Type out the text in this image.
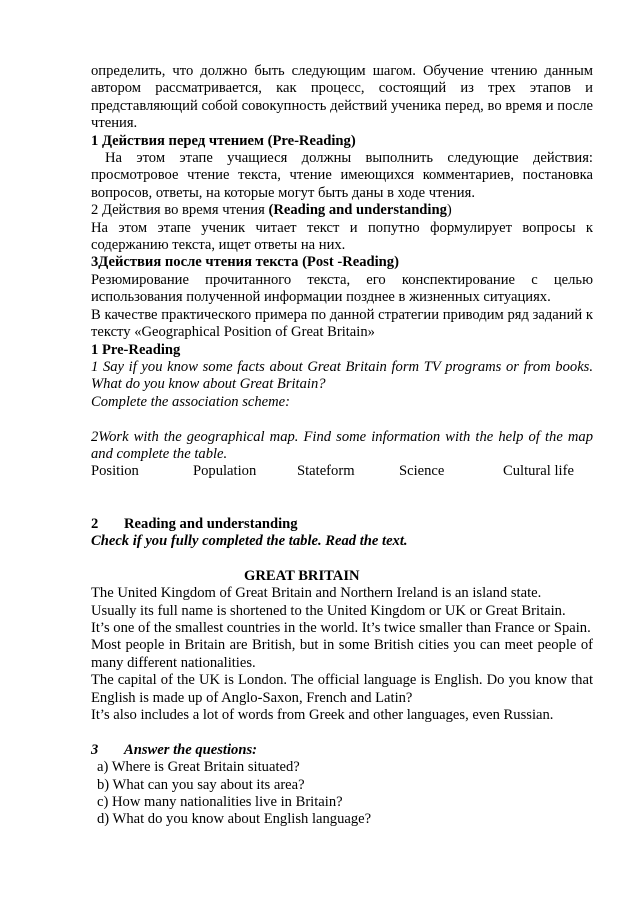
определить, что должно быть следующим шагом. Обучение чтению данным автором рассматривается, как процесс, состоящий из трех этапов и представляющий собой совокупность действий ученика перед, во время и после чтения.

1 Действия перед чтением (Pre-Reading)

На этом этапе учащиеся должны выполнить следующие действия: просмотровое чтение текста, чтение имеющихся комментариев, постановка вопросов, ответы, на которые могут быть даны в ходе чтения.

2 Действия во время чтения (Reading and understanding)

На этом этапе ученик читает текст и попутно формулирует вопросы к содержанию текста, ищет ответы на них.

3Действия после чтения текста (Post -Reading)

Резюмирование прочитанного текста, его конспектирование с целью использования полученной информации позднее в жизненных ситуациях.

В качестве практического примера по данной стратегии приводим ряд заданий к тексту «Geographical Position of Great Britain»

1 Pre-Reading

1 Say if you know some facts about Great Britain form TV programs or from books. What do you know about Great Britain?

Complete the association scheme:

2Work with the geographical map. Find some information with the help of the map and complete the table.

Position	Population	Stateform	Science	Cultural life

2 Reading and understanding

Check if you fully completed the table. Read the text.

GREAT BRITAIN

The United Kingdom of Great Britain and Northern Ireland is an island state.

Usually its full name is shortened to the United Kingdom or UK or Great Britain.

It’s one of the smallest countries in the world. It’s twice smaller than France or Spain.

Most people in Britain are British, but in some British cities you can meet people of many different nationalities.

The capital of the UK is London. The official language is English. Do you know that English is made up of Anglo-Saxon, French and Latin?

It’s also includes a lot of words from Greek and other languages, even Russian.

3 Answer the questions:

a) Where is Great Britain situated?

b) What can you say about its area?

c) How many nationalities live in Britain?

d) What do you know about English language?
